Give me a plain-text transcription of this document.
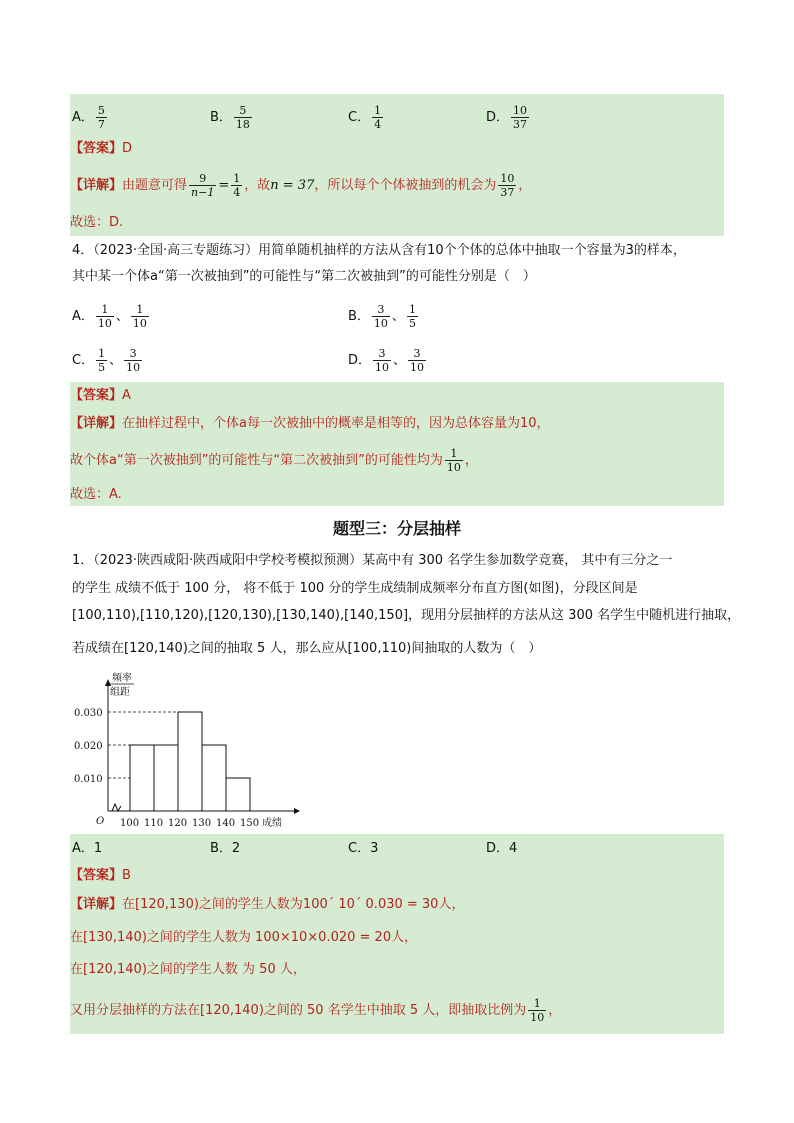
A． $\frac{5}{7}$	B． $\frac{5}{18}$	C． $\frac{1}{4}$	D． $\frac{10}{37}$
【答案】D
【详解】由题意可得 $\frac{9}{n-1} = \frac{1}{4}$ ，故n = 37，所以每个个体被抽到的机会为 $\frac{10}{37}$ ，
故选：D.
4．（2023·全国·高三专题练习）用简单随机抽样的方法从含有10个个体的总体中抽取一个容量为3的样本，
其中某一个体a“第一次被抽到”的可能性与“第二次被抽到”的可能性分别是（　）
A． $\frac{1}{10}$ 、 $\frac{1}{10}$	B． $\frac{3}{10}$ 、 $\frac{1}{5}$
C． $\frac{1}{5}$ 、 $\frac{3}{10}$	D． $\frac{3}{10}$ 、 $\frac{3}{10}$
【答案】A
【详解】在抽样过程中，个体a每一次被抽中的概率是相等的，因为总体容量为10，
故个体a“第一次被抽到”的可能性与“第二次被抽到”的可能性均为 $\frac{1}{10}$ ，
故选：A.
题型三：分层抽样
1．（2023·陕西咸阳·陕西咸阳中学校考模拟预测）某高中有 300 名学生参加数学竞赛， 其中有三分之一
的学生 成绩不低于 100 分， 将不低于 100 分的学生成绩制成频率分布直方图(如图)，分段区间是
[100,110),[110,120),[120,130),[130,140),[140,150]，现用分层抽样的方法从这 300 名学生中随机进行抽取，
若成绩在[120,140)之间的抽取 5 人，那么应从[100,110)间抽取的人数为（　）
0.030
0.020
0.010
100 110 120 130 140 150
O	成绩
频率
组距
A．1	B．2	C．3	D．4
【答案】B
【详解】在[120,130)之间的学生人数为100´ 10´ 0.030 = 30人，
在[130,140)之间的学生人数为 100×10×0.020 = 20人，
在[120,140)之间的学生人数 为 50 人，
又用分层抽样的方法在[120,140)之间的 50 名学生中抽取 5 人，即抽取比例为 $\frac{1}{10}$ ，
